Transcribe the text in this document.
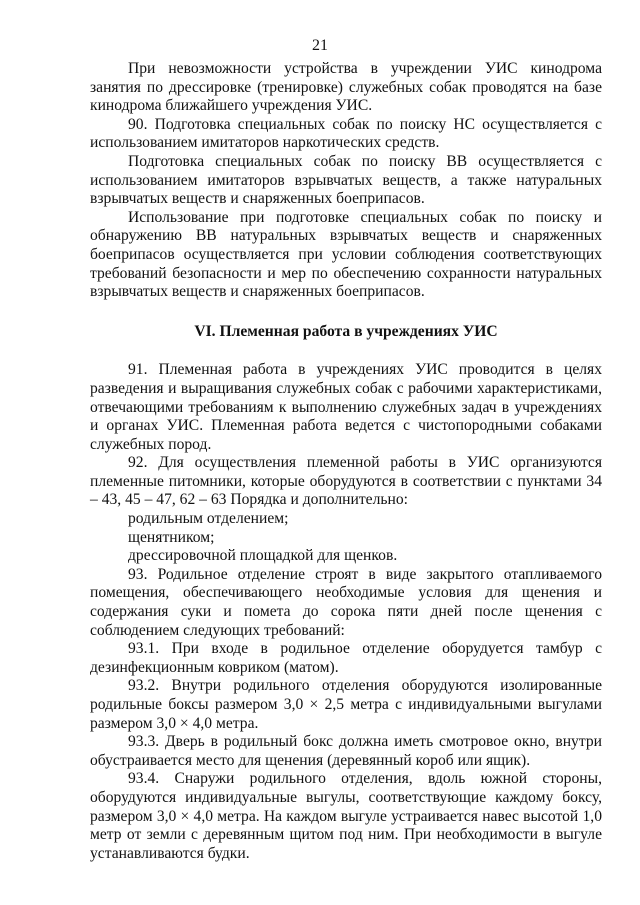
21

При невозможности устройства в учреждении УИС кинодрома занятия по дрессировке (тренировке) служебных собак проводятся на базе кинодрома ближайшего учреждения УИС.

90. Подготовка специальных собак по поиску НС осуществляется с использованием имитаторов наркотических средств.

Подготовка специальных собак по поиску ВВ осуществляется с использованием имитаторов взрывчатых веществ, а также натуральных взрывчатых веществ и снаряженных боеприпасов.

Использование при подготовке специальных собак по поиску и обнаружению ВВ натуральных взрывчатых веществ и снаряженных боеприпасов осуществляется при условии соблюдения соответствующих требований безопасности и мер по обеспечению сохранности натуральных взрывчатых веществ и снаряженных боеприпасов.

VI. Племенная работа в учреждениях УИС

91. Племенная работа в учреждениях УИС проводится в целях разведения и выращивания служебных собак с рабочими характеристиками, отвечающими требованиям к выполнению служебных задач в учреждениях и органах УИС. Племенная работа ведется с чистопородными собаками служебных пород.

92. Для осуществления племенной работы в УИС организуются племенные питомники, которые оборудуются в соответствии с пунктами 34 – 43, 45 – 47, 62 – 63 Порядка и дополнительно:

родильным отделением;

щенятником;

дрессировочной площадкой для щенков.

93. Родильное отделение строят в виде закрытого отапливаемого помещения, обеспечивающего необходимые условия для щенения и содержания суки и помета до сорока пяти дней после щенения с соблюдением следующих требований:

93.1. При входе в родильное отделение оборудуется тамбур с дезинфекционным ковриком (матом).

93.2. Внутри родильного отделения оборудуются изолированные родильные боксы размером 3,0 × 2,5 метра с индивидуальными выгулами размером 3,0 × 4,0 метра.

93.3. Дверь в родильный бокс должна иметь смотровое окно, внутри обустраивается место для щенения (деревянный короб или ящик).

93.4. Снаружи родильного отделения, вдоль южной стороны, оборудуются индивидуальные выгулы, соответствующие каждому боксу, размером 3,0 × 4,0 метра. На каждом выгуле устраивается навес высотой 1,0 метр от земли с деревянным щитом под ним. При необходимости в выгуле устанавливаются будки.
